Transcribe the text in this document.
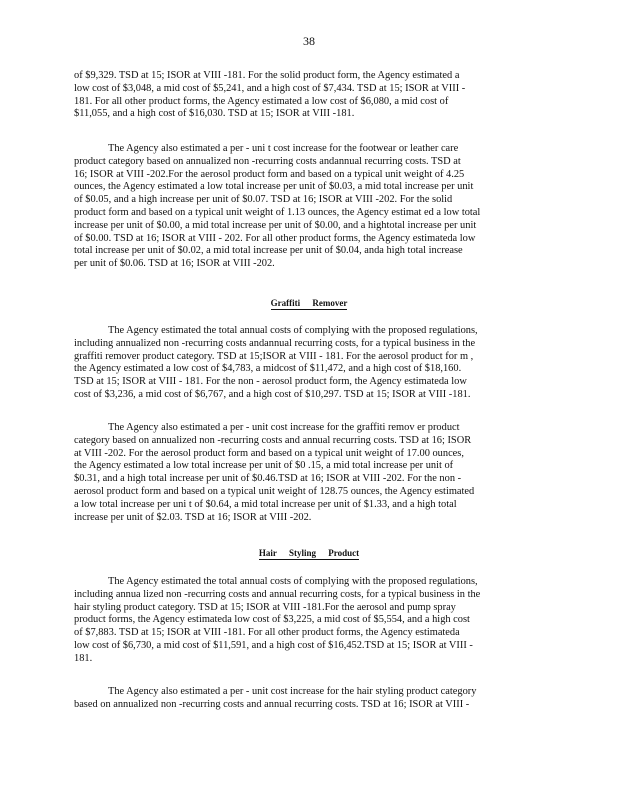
38
of $9,329. TSD at 15; ISOR at VIII -181. For the solid product form, the Agency estimated a
low cost of $3,048, a mid cost of $5,241, and a high cost of $7,434. TSD at 15; ISOR at VIII -
181. For all other product forms, the Agency estimated a low cost of $6,080, a mid cost of
$11,055, and a high cost of $16,030. TSD at 15; ISOR at VIII -181.
The Agency also estimated a per - uni t cost increase for the footwear or leather care
product category based on annualized non -recurring costs andannual recurring costs. TSD at
16; ISOR at VIII -202.For the aerosol product form and based on a typical unit weight of 4.25
ounces, the Agency estimated a low total increase per unit of $0.03, a mid total increase per unit
of $0.05, and a high increase per unit of $0.07. TSD at 16; ISOR at VIII -202. For the solid
product form and based on a typical unit weight of 1.13 ounces, the Agency estimat ed a low total
increase per unit of $0.00, a mid total increase per unit of $0.00, and a hightotal increase per unit
of $0.00. TSD at 16; ISOR at VIII - 202. For all other product forms, the Agency estimateda low
total increase per unit of $0.02, a mid total increase per unit of $0.04, anda high total increase
per unit of $0.06. TSD at 16; ISOR at VIII -202.
Graffiti Remover
The Agency estimated the total annual costs of complying with the proposed regulations,
including annualized non -recurring costs andannual recurring costs, for a typical business in the
graffiti remover product category. TSD at 15;ISOR at VIII - 181. For the aerosol product for m ,
the Agency estimated a low cost of $4,783, a midcost of $11,472, and a high cost of $18,160.
TSD at 15; ISOR at VIII - 181. For the non - aerosol product form, the Agency estimateda low
cost of $3,236, a mid cost of $6,767, and a high cost of $10,297. TSD at 15; ISOR at VIII -181.
The Agency also estimated a per - unit cost increase for the graffiti remov er product
category based on annualized non -recurring costs and annual recurring costs. TSD at 16; ISOR
at VIII -202. For the aerosol product form and based on a typical unit weight of 17.00 ounces,
the Agency estimated a low total increase per unit of $0 .15, a mid total increase per unit of
$0.31, and a high total increase per unit of $0.46.TSD at 16; ISOR at VIII -202. For the non -
aerosol product form and based on a typical unit weight of 128.75 ounces, the Agency estimated
a low total increase per uni t of $0.64, a mid total increase per unit of $1.33, and a high total
increase per unit of $2.03. TSD at 16; ISOR at VIII -202.
Hair Styling Product
The Agency estimated the total annual costs of complying with the proposed regulations,
including annua lized non -recurring costs and annual recurring costs, for a typical business in the
hair styling product category. TSD at 15; ISOR at VIII -181.For the aerosol and pump spray
product forms, the Agency estimateda low cost of $3,225, a mid cost of $5,554, and a high cost
of $7,883. TSD at 15; ISOR at VIII -181. For all other product forms, the Agency estimateda
low cost of $6,730, a mid cost of $11,591, and a high cost of $16,452.TSD at 15; ISOR at VIII -
181.
The Agency also estimated a per - unit cost increase for the hair styling product category
based on annualized non -recurring costs and annual recurring costs. TSD at 16; ISOR at VIII -
